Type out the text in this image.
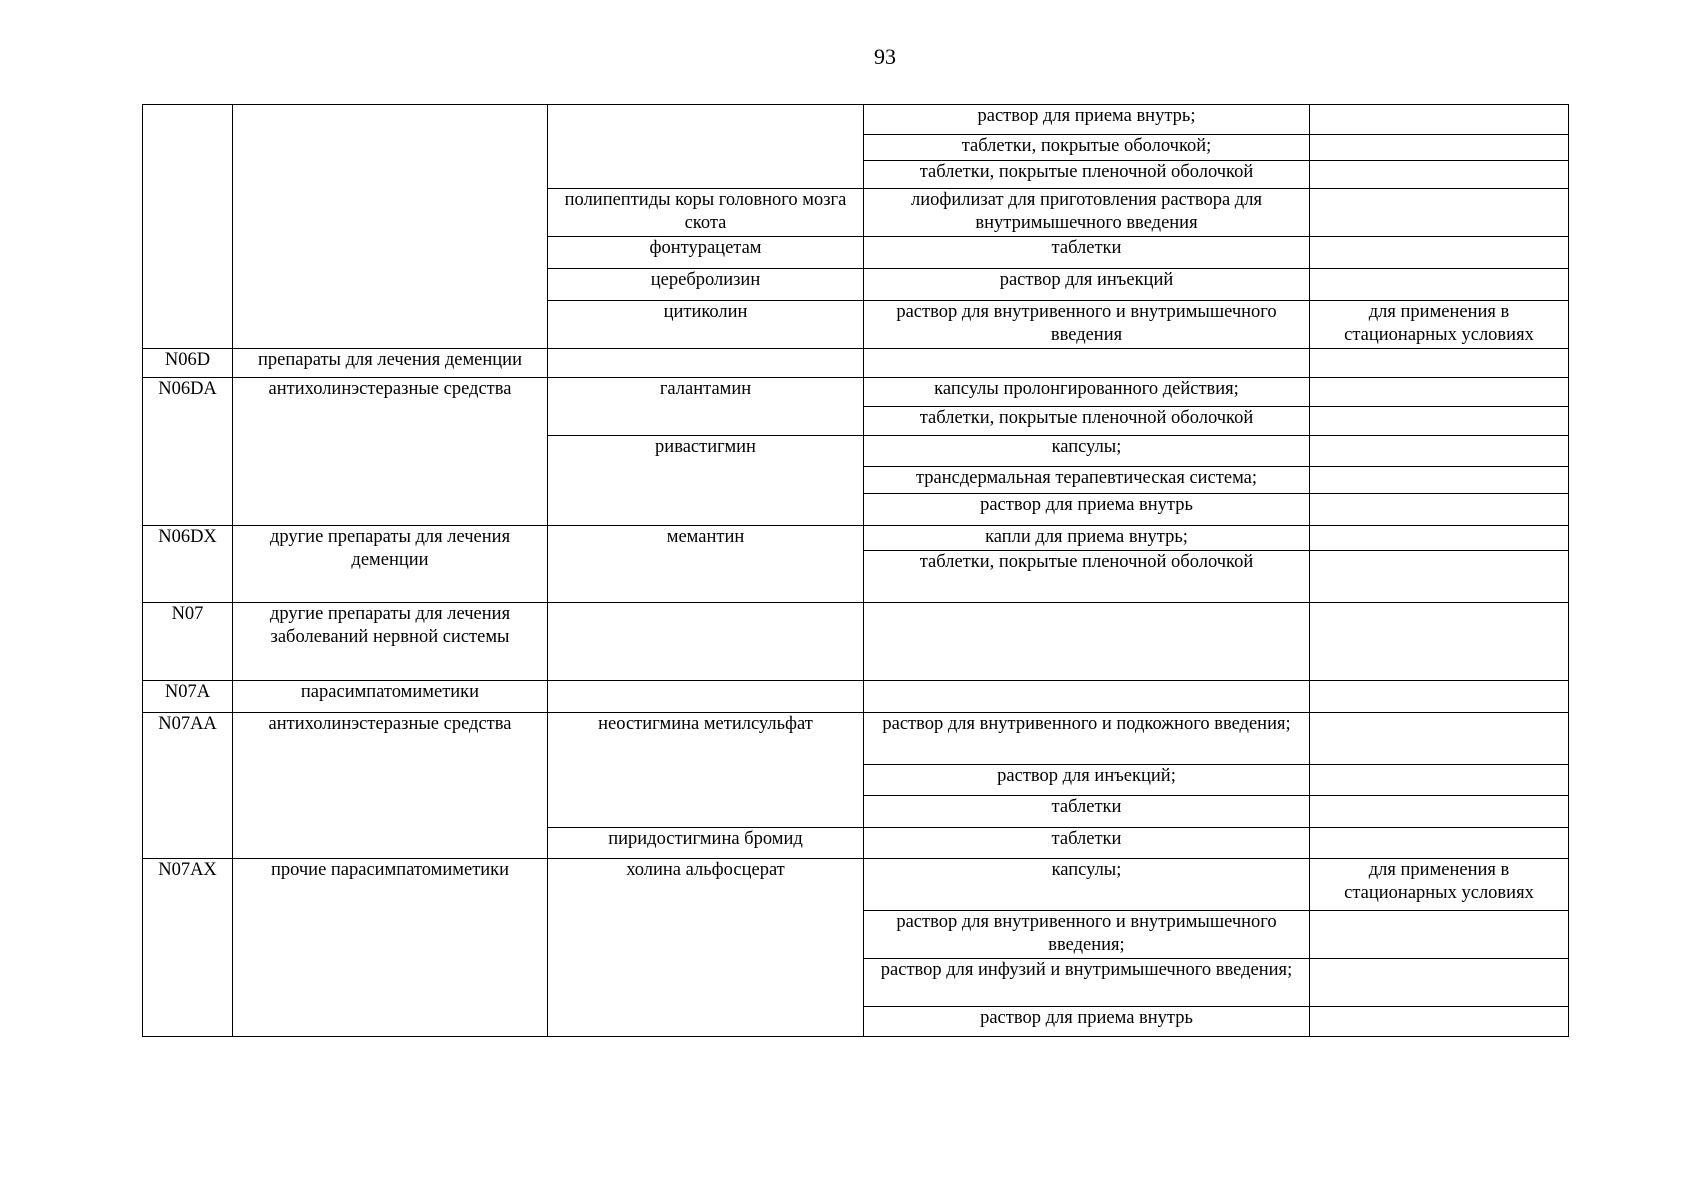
93
			раствор для приема внутрь;	
			таблетки, покрытые оболочкой;	
			таблетки, покрытые пленочной оболочкой	
		полипептиды коры головного мозга скота	лиофилизат для приготовления раствора для внутримышечного введения	
		фонтурацетам	таблетки	
		церебролизин	раствор для инъекций	
		цитиколин	раствор для внутривенного и внутримышечного введения	для применения в стационарных условиях
N06D	препараты для лечения деменции			
N06DA	антихолинэстеразные средства	галантамин	капсулы пролонгированного действия;	
			таблетки, покрытые пленочной оболочкой	
		ривастигмин	капсулы;	
			трансдермальная терапевтическая система;	
			раствор для приема внутрь	
N06DX	другие препараты для лечения деменции	мемантин	капли для приема внутрь;	
			таблетки, покрытые пленочной оболочкой	
N07	другие препараты для лечения заболеваний нервной системы			
N07A	парасимпатомиметики			
N07AA	антихолинэстеразные средства	неостигмина метилсульфат	раствор для внутривенного и подкожного введения;	
			раствор для инъекций;	
			таблетки	
		пиридостигмина бромид	таблетки	
N07AX	прочие парасимпатомиметики	холина альфосцерат	капсулы;	для применения в стационарных условиях
			раствор для внутривенного и внутримышечного введения;	
			раствор для инфузий и внутримышечного введения;	
			раствор для приема внутрь	
